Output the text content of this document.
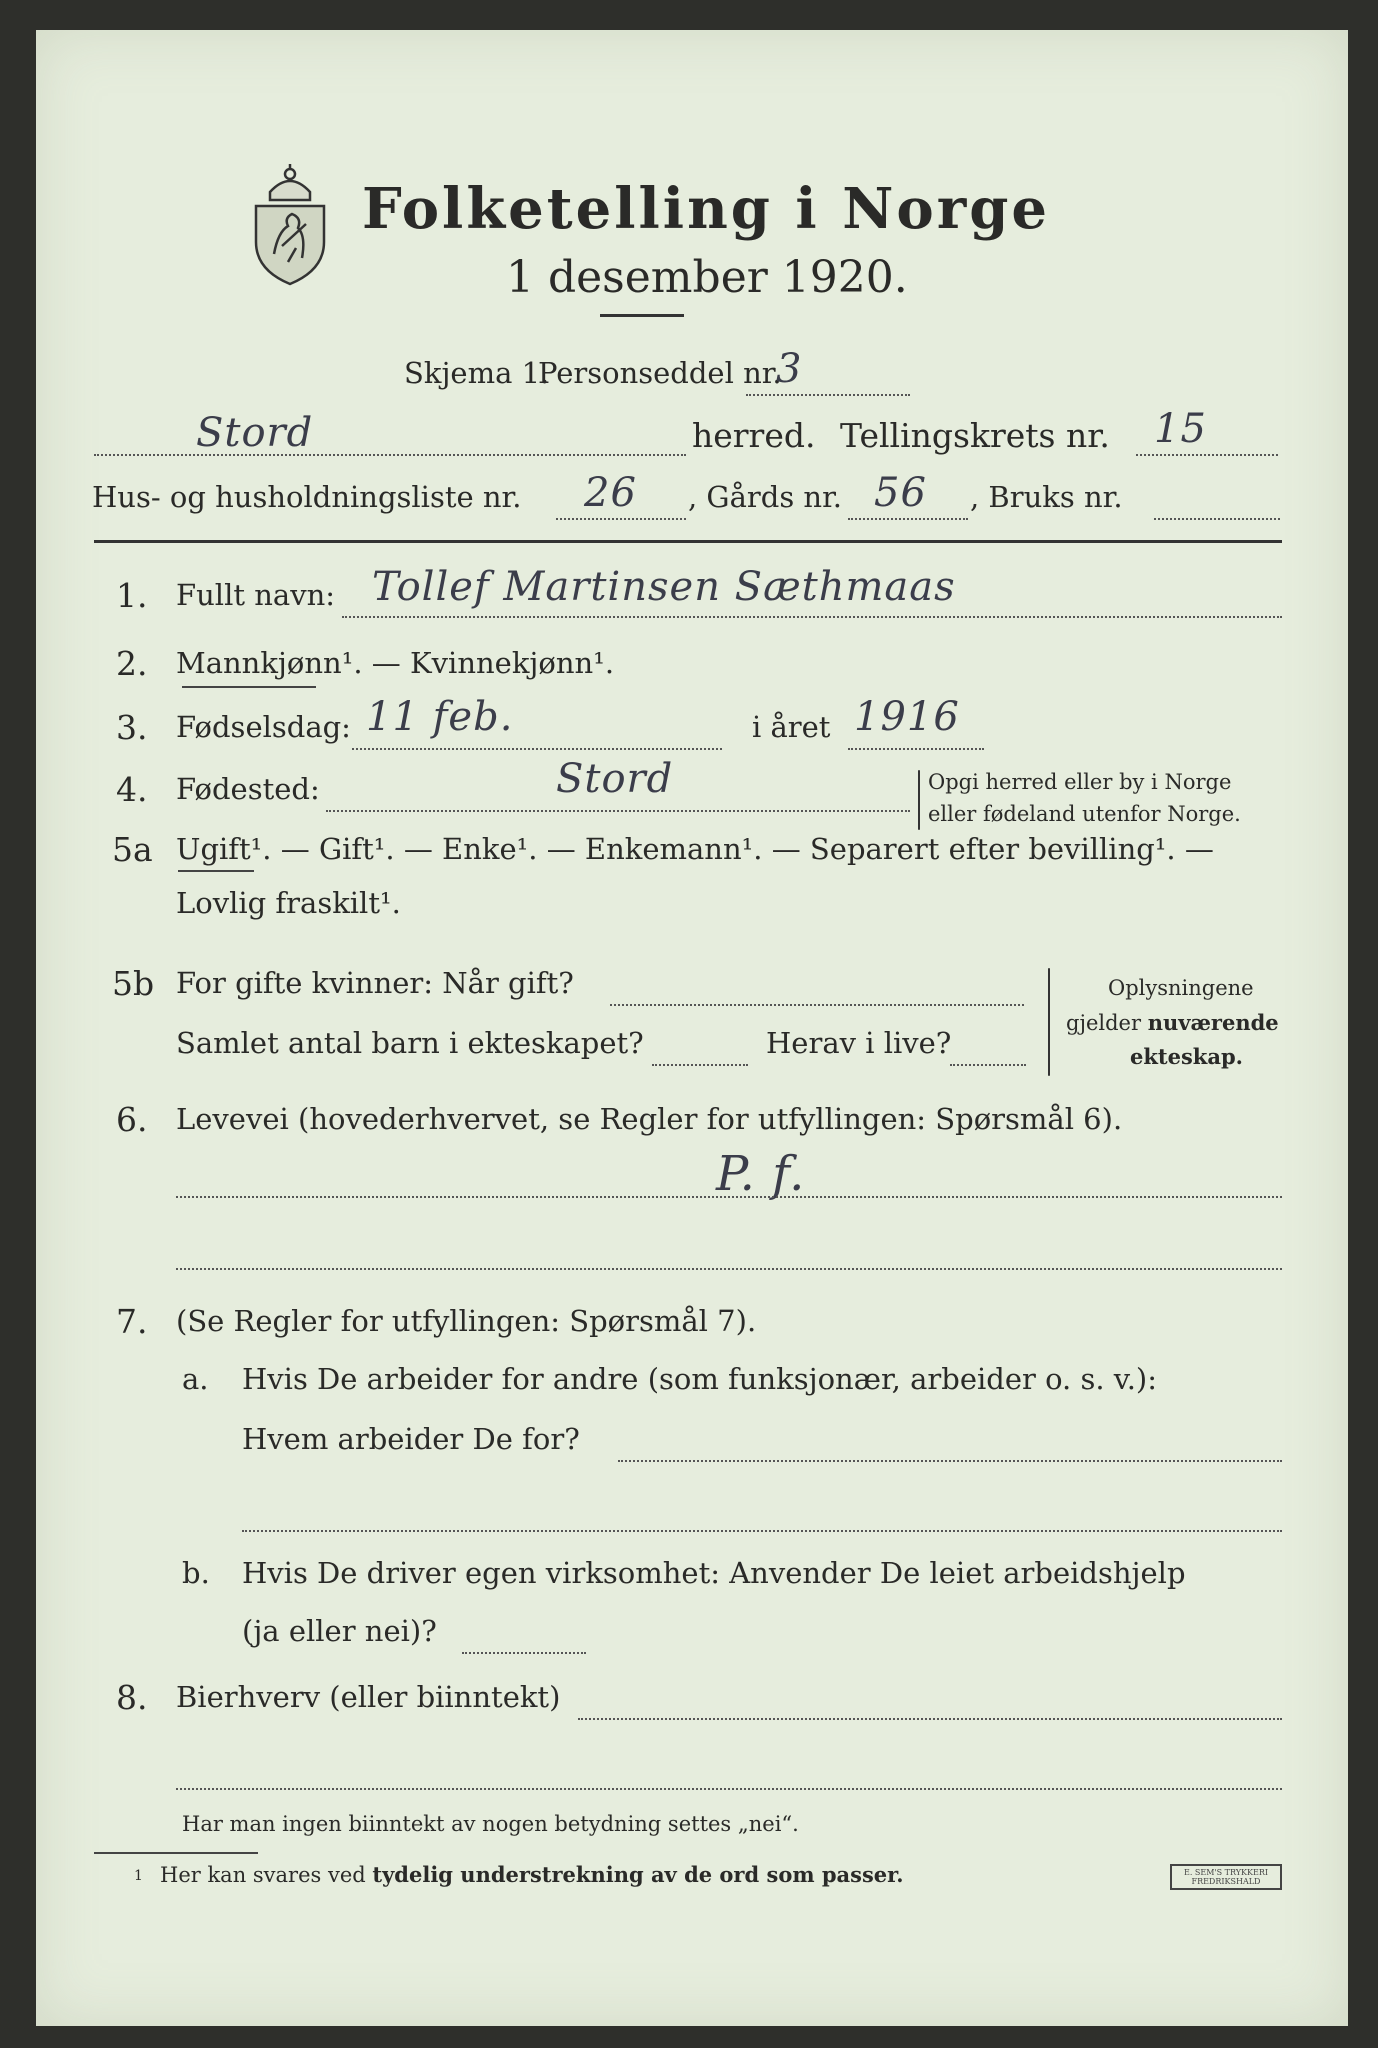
Folketelling i Norge
1 desember 1920.
Skjema 1.
Personseddel nr.
3
Stord	herred. Tellingskrets nr. 15
Hus- og husholdningsliste nr. 26 , Gårds nr. 56 , Bruks nr.
1. Fullt navn: Tollef Martinsen Sæthmaas
2. Mannkjønn¹. — Kvinnekjønn¹.
3. Fødselsdag: 11 feb.	i året 1916
4. Fødested:	Stord	Opgi herred eller by i Norge
eller fødeland utenfor Norge.
5a Ugift¹. — Gift¹. — Enke¹. — Enkemann¹. — Separert efter bevilling¹. —
Lovlig fraskilt¹.
5b For gifte kvinner: Når gift?
Samlet antal barn i ekteskapet?	Herav i live?
Oplysningene
gjelder nuværende
ekteskap.
6. Levevei (hovederhvervet, se Regler for utfyllingen: Spørsmål 6).
P. f.
7. (Se Regler for utfyllingen: Spørsmål 7).
a. Hvis De arbeider for andre (som funksjonær, arbeider o. s. v.):
Hvem arbeider De for?
b. Hvis De driver egen virksomhet: Anvender De leiet arbeidshjelp
(ja eller nei)?
8. Bierhverv (eller biinntekt)
Har man ingen biinntekt av nogen betydning settes „nei“.
1 Her kan svares ved tydelig understrekning av de ord som passer.	E. SEM'S TRYKKERI
FREDRIKSHALD
